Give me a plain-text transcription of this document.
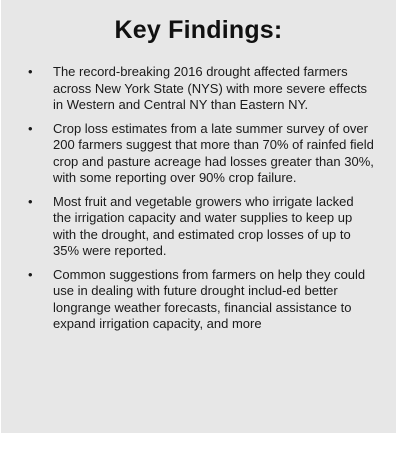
Key Findings:
• The record-breaking 2016 drought affected farmers across New York State (NYS) with more severe effects in Western and Central NY than Eastern NY.
• Crop loss estimates from a late summer survey of over 200 farmers suggest that more than 70% of rainfed field crop and pasture acreage had losses greater than 30%, with some reporting over 90% crop failure.
• Most fruit and vegetable growers who irrigate lacked the irrigation capacity and water supplies to keep up with the drought, and estimated crop losses of up to 35% were reported.
• Common suggestions from farmers on help they could use in dealing with future drought includ-ed better longrange weather forecasts, financial assistance to expand irrigation capacity, and more
